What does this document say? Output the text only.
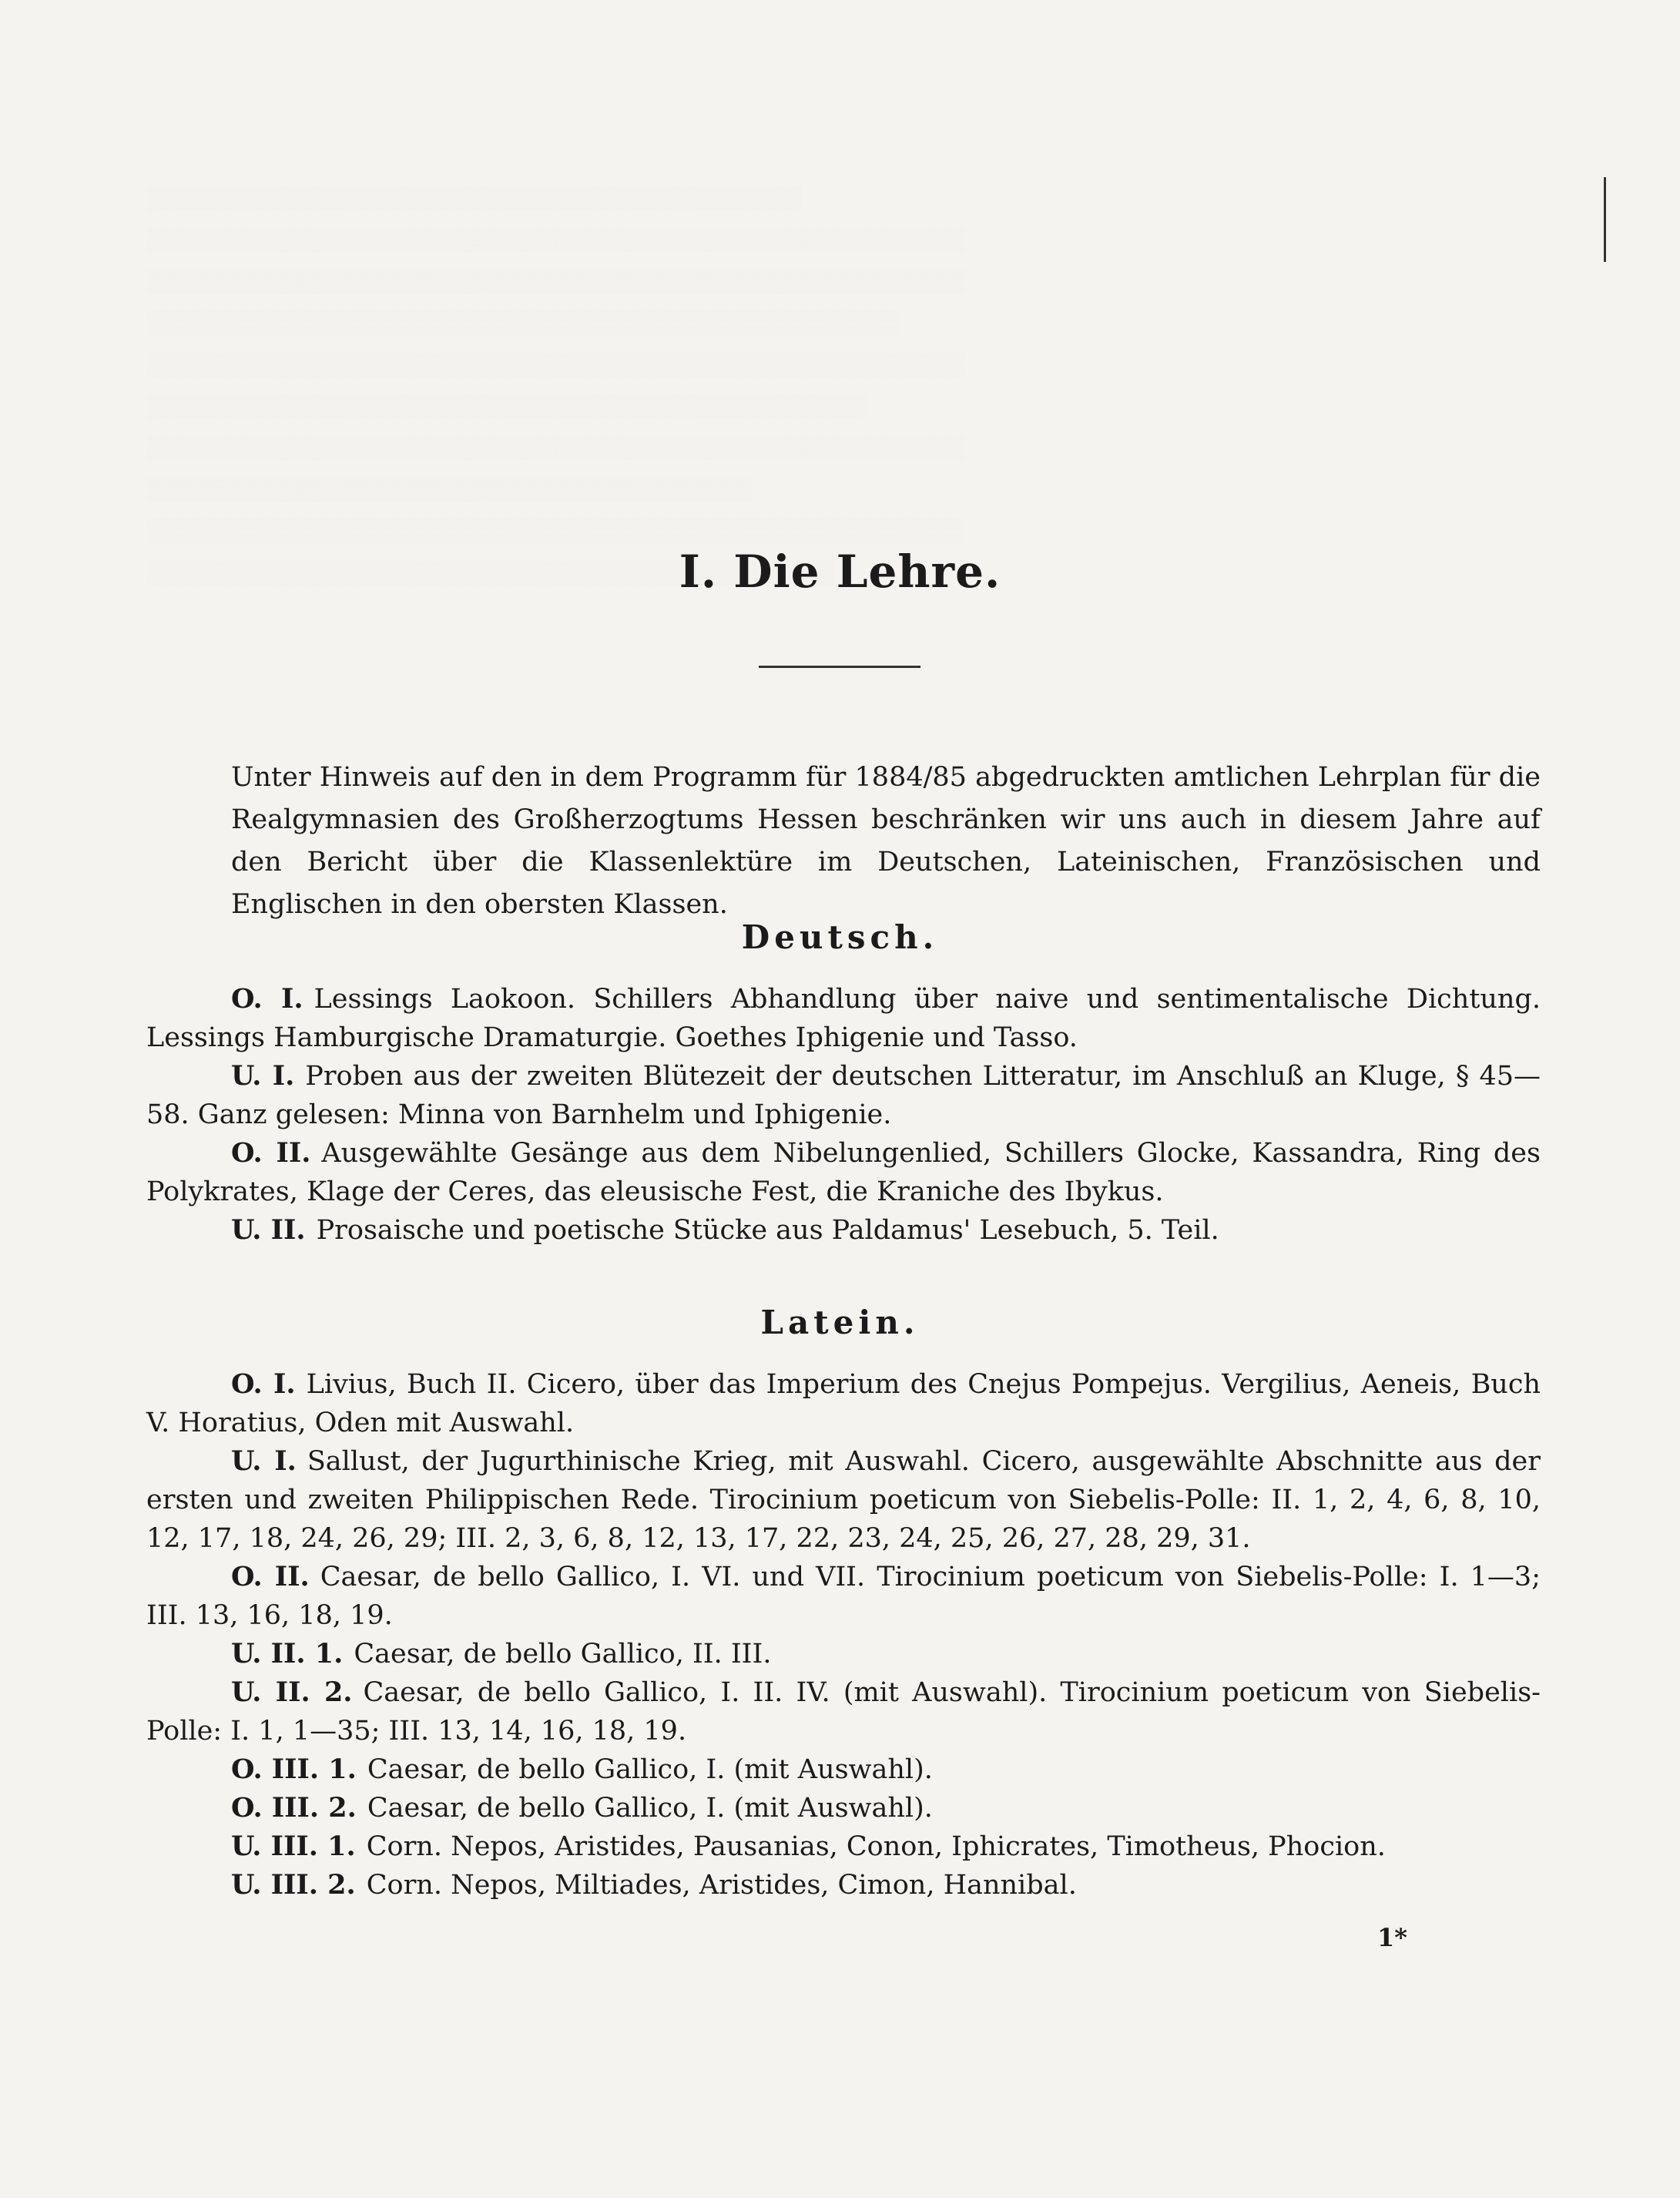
░░░░░░░░░░░░░░░░░░░░░░░░░░░░░░░░░░░░░░░░
░░░░░░░░░░░░░░░░░░░░░░░░░░░░░░░░░░░░░░░░░░░░░░░░░░
░░░░░░░░░░░░░░░░░░░░░░░░░░░░░░░░░░░░░░░░░░░░░░░░░░
░░░░░░░░░░░░░░░░░░░░░░░░░░░░░░░░░░░░░░░░░░░░░░
░░░░░░░░░░░░░░░░░░░░░░░░░░░░░░░░░░░░░░░░░░░░░░░░░░
░░░░░░░░░░░░░░░░░░░░░░░░░░░░░░░░░░░░░░░░░░░░
░░░░░░░░░░░░░░░░░░░░░░░░░░░░░░░░░░░░░░░░░░░░░░░░░░
░░░░░░░░░░░░░░░░░░░░░░░░░░░░░░░░░░░░░
░░░░░░░░░░░░░░░░░░░░░░░░░░░░░░░░░░░░░░░░░░░░░░░░░░
░░░░░░░░░░░░░░░░░░░░░░░░░░░░░░░░░░░░░░░░░░
I. Die Lehre.
Unter Hinweis auf den in dem Programm für 1884/85 abgedruckten amtlichen Lehrplan für die Realgymnasien des Großherzogtums Hessen beschränken wir uns auch in diesem Jahre auf den Bericht über die Klassenlektüre im Deutschen, Lateinischen, Französischen und Englischen in den obersten Klassen.
Deutsch.

O. I. Lessings Laokoon. Schillers Abhandlung über naive und sentimentalische Dichtung. Lessings Hamburgische Dramaturgie. Goethes Iphigenie und Tasso.

U. I. Proben aus der zweiten Blütezeit der deutschen Litteratur, im Anschluß an Kluge, § 45—58. Ganz gelesen: Minna von Barnhelm und Iphigenie.

O. II. Ausgewählte Gesänge aus dem Nibelungenlied, Schillers Glocke, Kassandra, Ring des Polykrates, Klage der Ceres, das eleusische Fest, die Kraniche des Ibykus.

U. II. Prosaische und poetische Stücke aus Paldamus' Lesebuch, 5. Teil.

Latein.

O. I. Livius, Buch II. Cicero, über das Imperium des Cnejus Pompejus. Vergilius, Aeneis, Buch V. Horatius, Oden mit Auswahl.

U. I. Sallust, der Jugurthinische Krieg, mit Auswahl. Cicero, ausgewählte Abschnitte aus der ersten und zweiten Philippischen Rede. Tirocinium poeticum von Siebelis-Polle: II. 1, 2, 4, 6, 8, 10, 12, 17, 18, 24, 26, 29; III. 2, 3, 6, 8, 12, 13, 17, 22, 23, 24, 25, 26, 27, 28, 29, 31.

O. II. Caesar, de bello Gallico, I. VI. und VII. Tirocinium poeticum von Siebelis-Polle: I. 1—3; III. 13, 16, 18, 19.

U. II. 1. Caesar, de bello Gallico, II. III.

U. II. 2. Caesar, de bello Gallico, I. II. IV. (mit Auswahl). Tirocinium poeticum von Siebelis-Polle: I. 1, 1—35; III. 13, 14, 16, 18, 19.

O. III. 1. Caesar, de bello Gallico, I. (mit Auswahl).

O. III. 2. Caesar, de bello Gallico, I. (mit Auswahl).

U. III. 1. Corn. Nepos, Aristides, Pausanias, Conon, Iphicrates, Timotheus, Phocion.

U. III. 2. Corn. Nepos, Miltiades, Aristides, Cimon, Hannibal.

1*
